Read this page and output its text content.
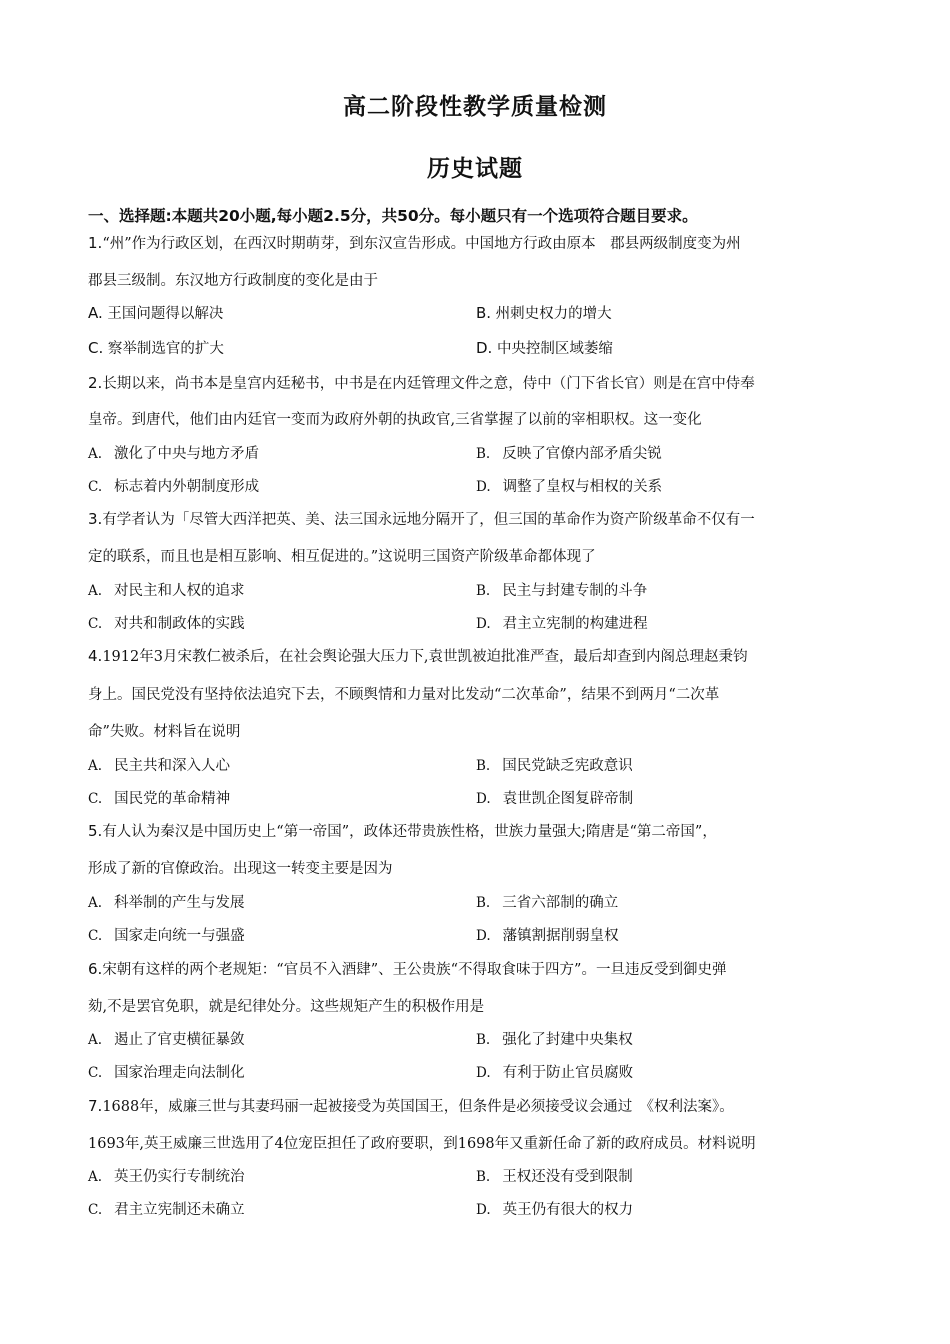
高二阶段性教学质量检测
历史试题
一、选择题:本题共20小题,每小题2.5分，共50分。每小题只有一个选项符合题目要求。
1.“州”作为行政区划，在西汉时期萌芽，到东汉宣告形成。中国地方行政由原本　郡县两级制度变为州
郡县三级制。东汉地方行政制度的变化是由于
A. 王国问题得以解决	B. 州刺史权力的增大
C. 察举制选官的扩大	D. 中央控制区域萎缩
2.长期以来，尚书本是皇宫内廷秘书，中书是在内廷管理文件之意，侍中（门下省长官）则是在宫中侍奉
皇帝。到唐代，他们由内廷官一变而为政府外朝的执政官,三省掌握了以前的宰相职权。这一变化
A. 激化了中央与地方矛盾	B. 反映了官僚内部矛盾尖锐
C. 标志着内外朝制度形成	D. 调整了皇权与相权的关系
3.有学者认为「尽管大西洋把英、美、法三国永远地分隔开了，但三国的革命作为资产阶级革命不仅有一
定的联系，而且也是相互影响、相互促进的。”这说明三国资产阶级革命都体现了
A. 对民主和人权的追求	B. 民主与封建专制的斗争
C. 对共和制政体的实践	D. 君主立宪制的构建进程
4.1912年3月宋教仁被杀后，在社会舆论强大压力下,袁世凯被迫批准严查，最后却查到内阁总理赵秉钧
身上。国民党没有坚持依法追究下去，不顾舆情和力量对比发动“二次革命”，结果不到两月“二次革
命”失败。材料旨在说明
A. 民主共和深入人心	B. 国民党缺乏宪政意识
C. 国民党的革命精神	D. 袁世凯企图复辟帝制
5.有人认为秦汉是中国历史上“第一帝国”，政体还带贵族性格，世族力量强大;隋唐是“第二帝国”，
形成了新的官僚政治。出现这一转变主要是因为
A. 科举制的产生与发展	B. 三省六部制的确立
C. 国家走向统一与强盛	D. 藩镇割据削弱皇权
6.宋朝有这样的两个老规矩：“官员不入酒肆”、王公贵族“不得取食味于四方”。一旦违反受到御史弹
劾,不是罢官免职，就是纪律处分。这些规矩产生的积极作用是
A. 遏止了官吏横征暴敛	B. 强化了封建中央集权
C. 国家治理走向法制化	D. 有利于防止官员腐败
7.1688年，威廉三世与其妻玛丽一起被接受为英国国王，但条件是必须接受议会通过　《权利法案》。
1693年,英王威廉三世选用了4位宠臣担任了政府要职，到1698年又重新任命了新的政府成员。材料说明
A. 英王仍实行专制统治	B. 王权还没有受到限制
C. 君主立宪制还未确立	D. 英王仍有很大的权力
